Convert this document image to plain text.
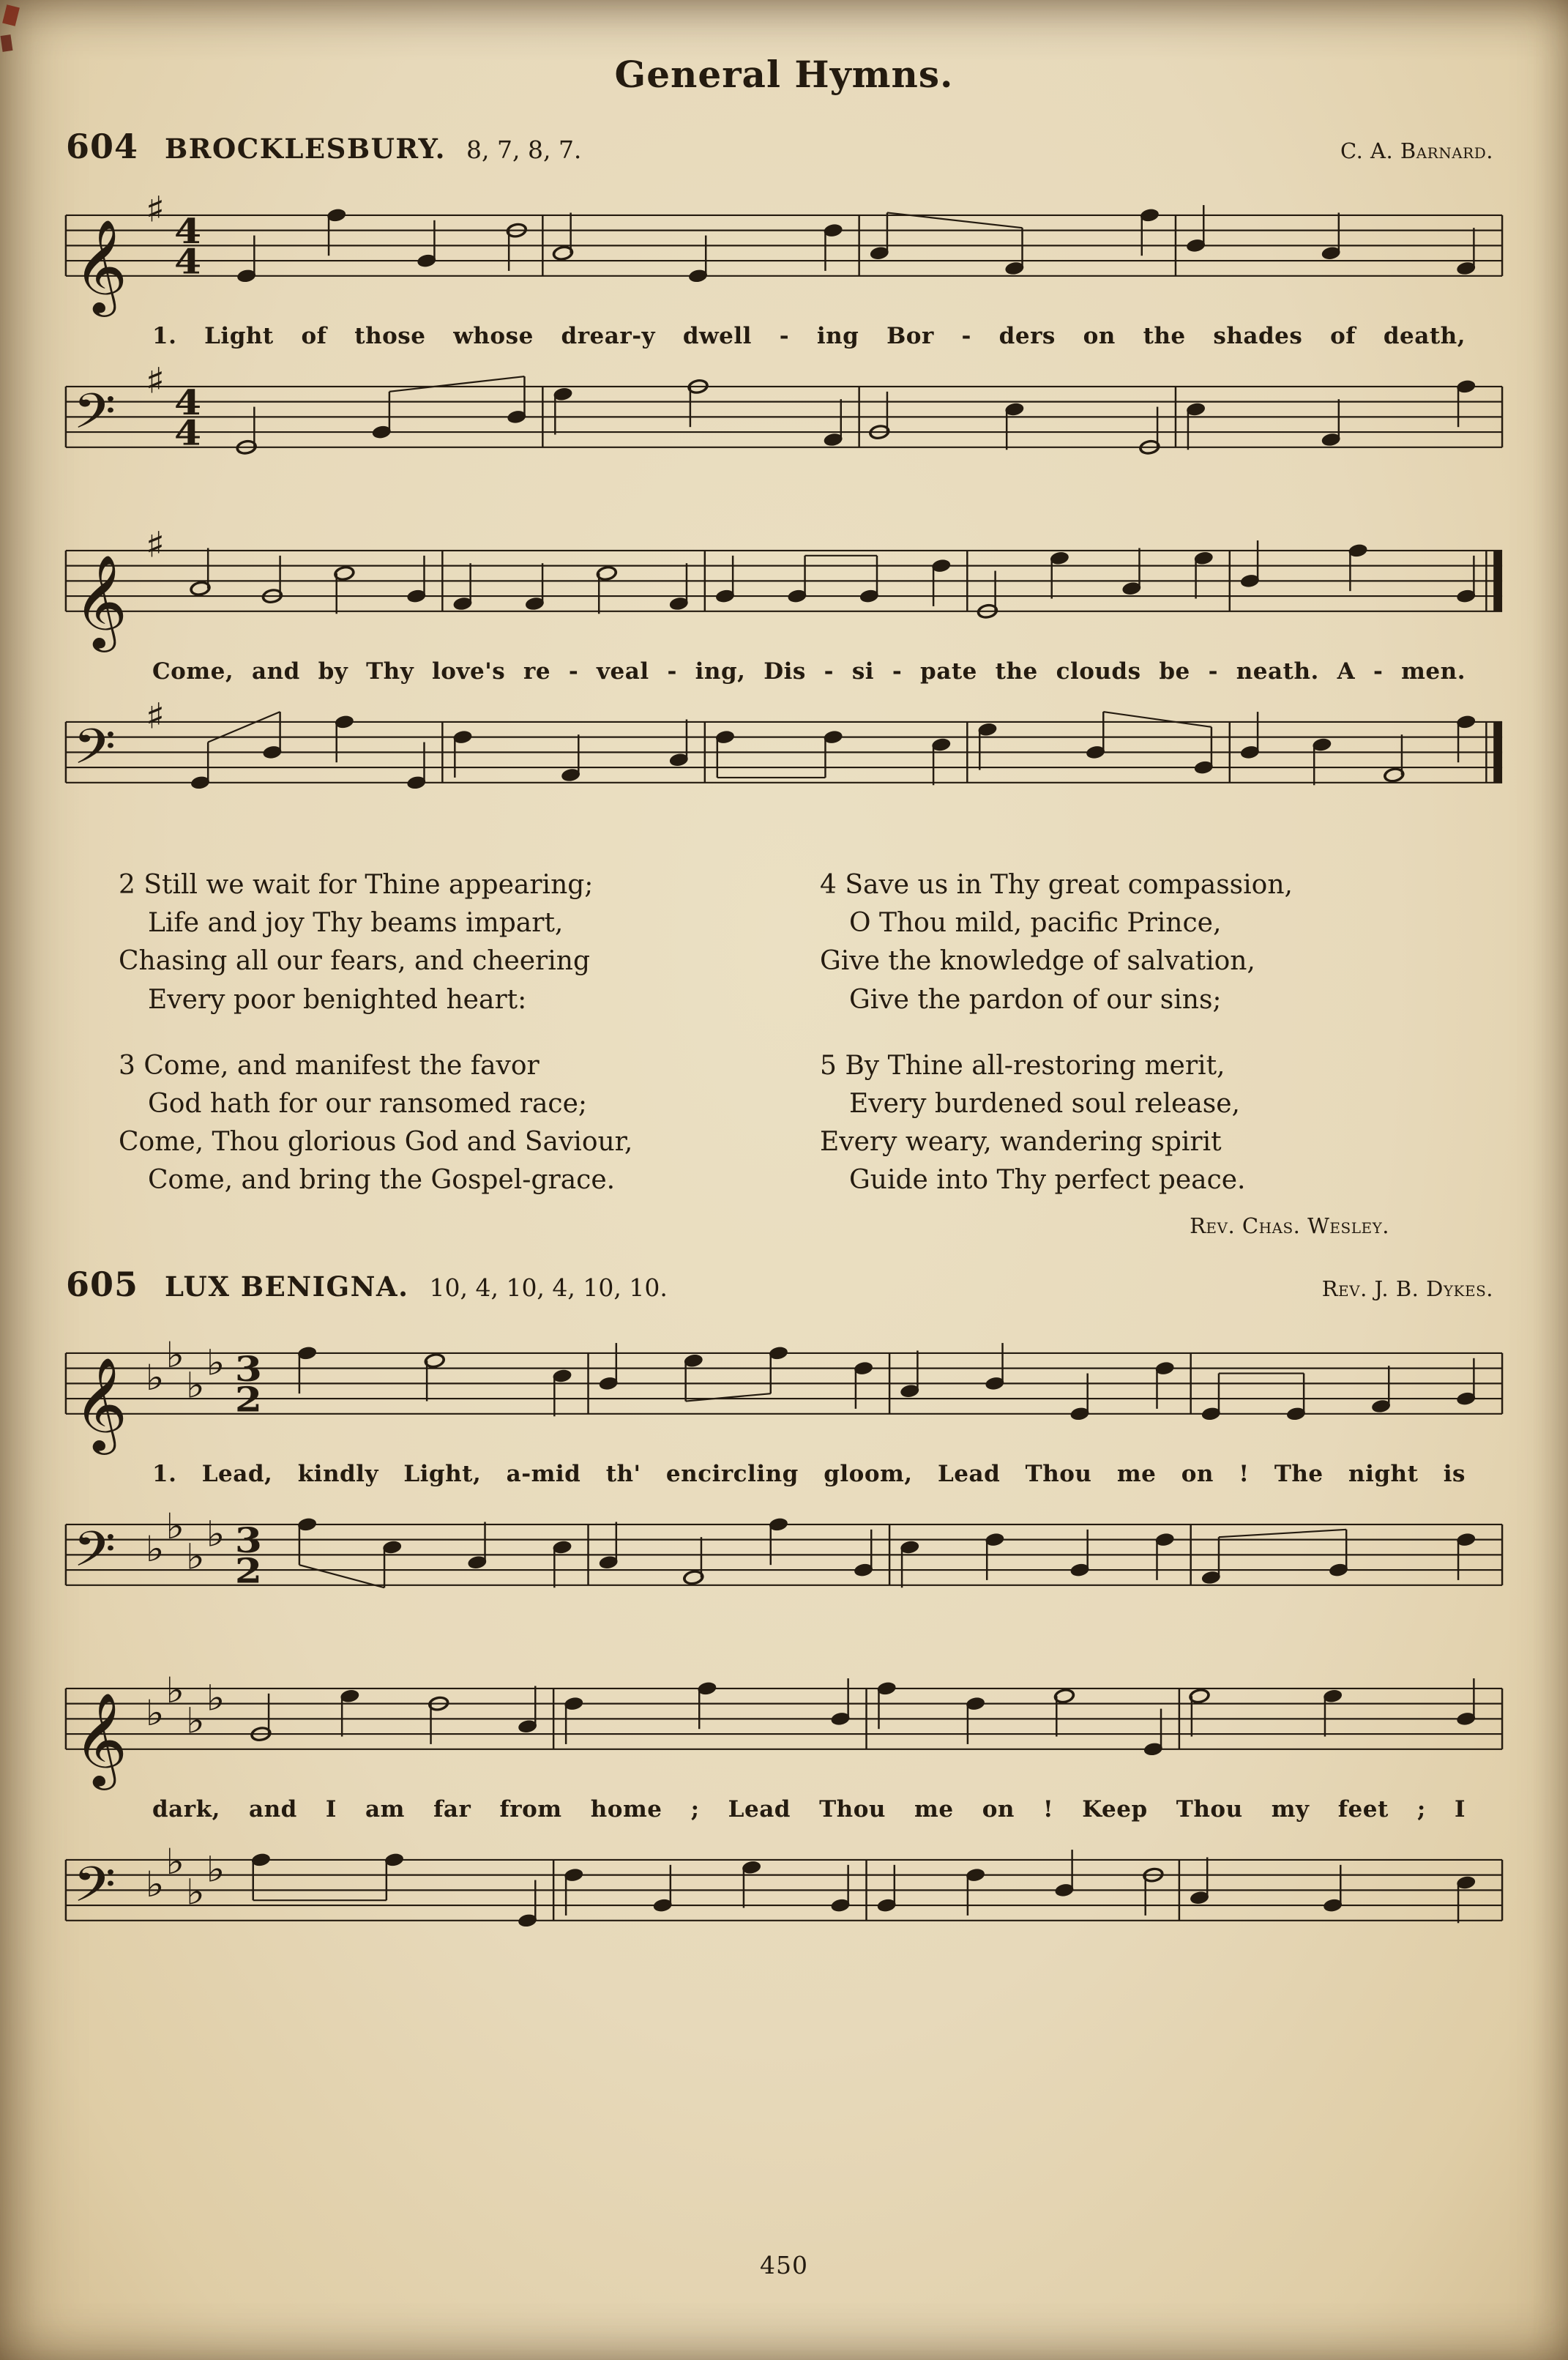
General Hymns.
604 BROCKLESBURY. 8, 7, 8, 7.	C. A. Barnard.
𝄞
♯
4
4
1. Light of those whose drear-y dwell - ing Bor - ders on the shades of death,
𝄢
♯
4
4
𝄞
♯
Come, and by Thy love's re - veal - ing, Dis - si - pate the clouds be - neath. A - men.
𝄢
♯
2 Still we wait for Thine appearing;
Life and joy Thy beams impart,
Chasing all our fears, and cheering
Every poor benighted heart:
3 Come, and manifest the favor
God hath for our ransomed race;
Come, Thou glorious God and Saviour,
Come, and bring the Gospel-grace.
4 Save us in Thy great compassion,
O Thou mild, pacific Prince,
Give the knowledge of salvation,
Give the pardon of our sins;
5 By Thine all-restoring merit,
Every burdened soul release,
Every weary, wandering spirit
Guide into Thy perfect peace.
Rev. Chas. Wesley.
605 LUX BENIGNA. 10, 4, 10, 4, 10, 10.	Rev. J. B. Dykes.
𝄞 ♭
♭
♭
♭ 3
2
1. Lead, kindly Light, a-mid th' encircling gloom, Lead Thou me on ! The night is
𝄢 ♭
♭
♭
♭ 3
2
𝄞 ♭
♭
♭
♭
dark, and I am far from home ; Lead Thou me on ! Keep Thou my feet ; I
𝄢 ♭
♭
♭
♭
450
